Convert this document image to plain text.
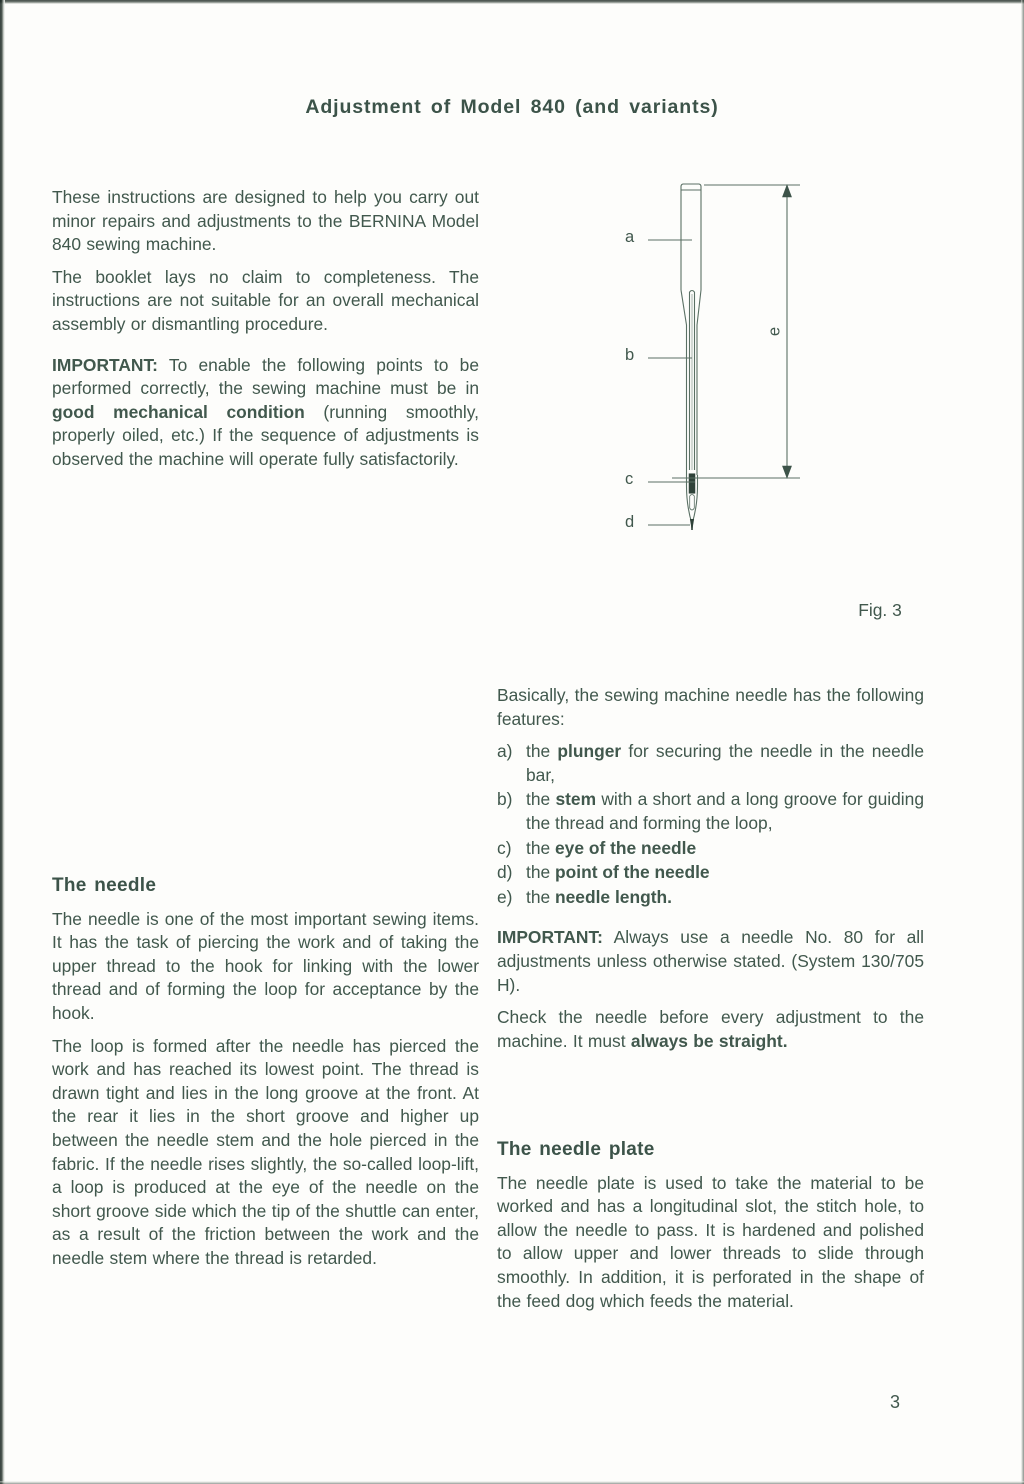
Adjustment of Model 840 (and variants)

These instructions are designed to help you carry out minor repairs and adjustments to the BERNINA Model 840 sewing machine.

The booklet lays no claim to completeness. The instructions are not suitable for an overall mechanical assembly or dismantling procedure.

IMPORTANT: To enable the following points to be performed correctly, the sewing machine must be in good mechanical condition (running smoothly, properly oiled, etc.) If the sequence of adjustments is observed the machine will operate fully satisfactorily.

a
b
c
d
e
Fig. 3

Basically, the sewing machine needle has the following features:

a) the plunger for securing the needle in the needle bar,
b) the stem with a short and a long groove for guiding the thread and forming the loop,
c) the eye of the needle
d) the point of the needle
e) the needle length.

IMPORTANT: Always use a needle No. 80 for all adjustments unless otherwise stated. (System 130/705 H).

Check the needle before every adjustment to the machine. It must always be straight.

The needle

The needle is one of the most important sewing items. It has the task of piercing the work and of taking the upper thread to the hook for linking with the lower thread and of forming the loop for acceptance by the hook.

The loop is formed after the needle has pierced the work and has reached its lowest point. The thread is drawn tight and lies in the long groove at the front. At the rear it lies in the short groove and higher up between the needle stem and the hole pierced in the fabric. If the needle rises slightly, the so-called loop-lift, a loop is produced at the eye of the needle on the short groove side which the tip of the shuttle can enter, as a result of the friction between the work and the needle stem where the thread is retarded.

The needle plate

The needle plate is used to take the material to be worked and has a longitudinal slot, the stitch hole, to allow the needle to pass. It is hardened and polished to allow upper and lower threads to slide through smoothly. In addition, it is perforated in the shape of the feed dog which feeds the material.

3
